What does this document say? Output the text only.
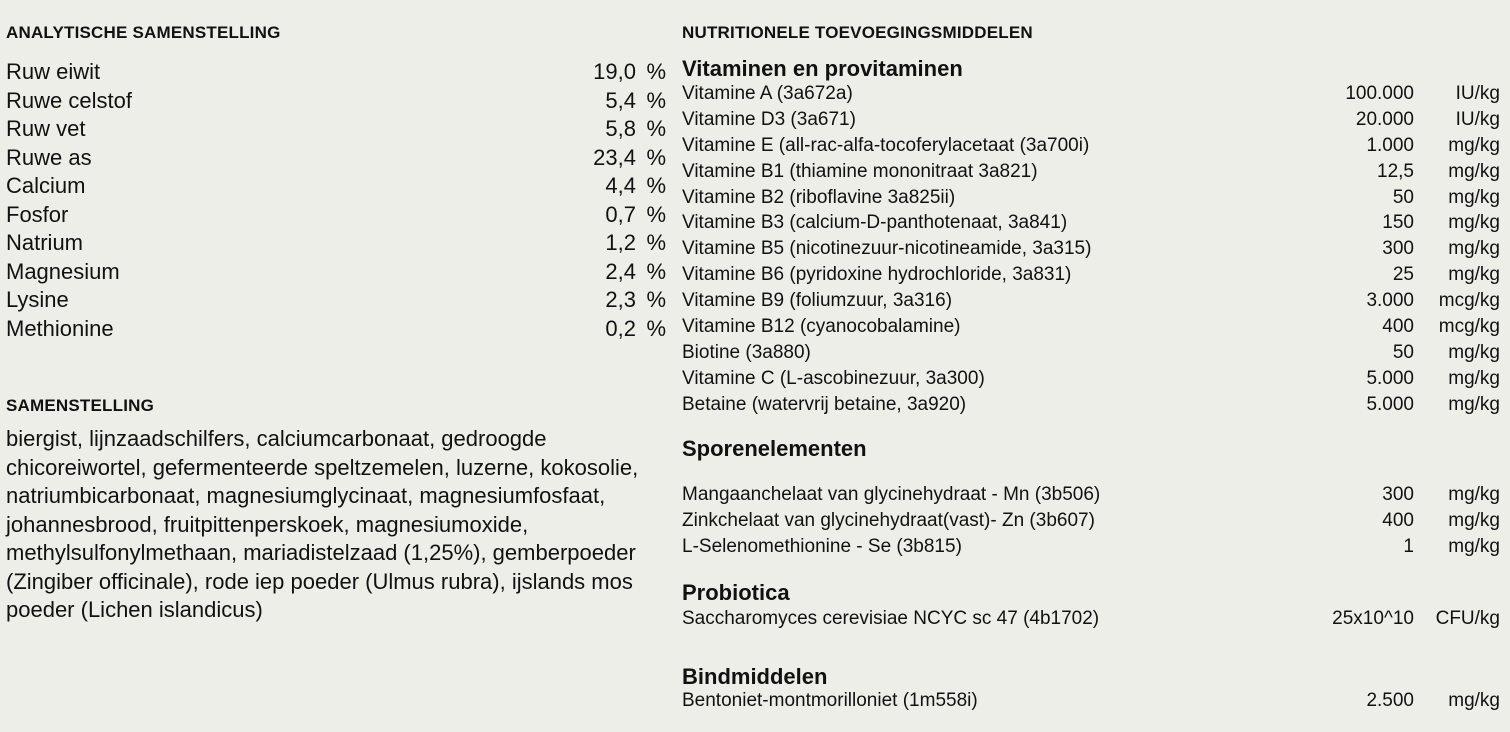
ANALYTISCHE SAMENSTELLING
Ruw eiwit	19,0 %
Ruwe celstof	5,4 %
Ruw vet	5,8 %
Ruwe as	23,4 %
Calcium	4,4 %
Fosfor	0,7 %
Natrium	1,2 %
Magnesium	2,4 %
Lysine	2,3 %
Methionine	0,2 %
SAMENSTELLING
biergist, lijnzaadschilfers, calciumcarbonaat, gedroogde chicoreiwortel, gefermenteerde speltzemelen, luzerne, kokosolie, natriumbicarbonaat, magnesiumglycinaat, magnesiumfosfaat, johannesbrood, fruitpittenperskoek, magnesiumoxide, methylsulfonylmethaan, mariadistelzaad (1,25%), gemberpoeder (Zingiber officinale), rode iep poeder (Ulmus rubra), ijslands mos poeder (Lichen islandicus)
NUTRITIONELE TOEVOEGINGSMIDDELEN
Vitaminen en provitaminen
Vitamine A (3a672a)	100.000	IU/kg
Vitamine D3 (3a671)	20.000	IU/kg
Vitamine E (all-rac-alfa-tocoferylacetaat (3a700i)	1.000	mg/kg
Vitamine B1 (thiamine mononitraat 3a821)	12,5	mg/kg
Vitamine B2 (riboflavine 3a825ii)	50	mg/kg
Vitamine B3 (calcium-D-panthotenaat, 3a841)	150	mg/kg
Vitamine B5 (nicotinezuur-nicotineamide, 3a315)	300	mg/kg
Vitamine B6 (pyridoxine hydrochloride, 3a831)	25	mg/kg
Vitamine B9 (foliumzuur, 3a316)	3.000	mcg/kg
Vitamine B12 (cyanocobalamine)	400	mcg/kg
Biotine (3a880)	50	mg/kg
Vitamine C (L-ascobinezuur, 3a300)	5.000	mg/kg
Betaine (watervrij betaine, 3a920)	5.000	mg/kg
Sporenelementen
Mangaanchelaat van glycinehydraat - Mn (3b506)	300	mg/kg
Zinkchelaat van glycinehydraat(vast)- Zn (3b607)	400	mg/kg
L-Selenomethionine - Se (3b815)	1	mg/kg
Probiotica
Saccharomyces cerevisiae NCYC sc 47 (4b1702)	25x10^10	CFU/kg
Bindmiddelen
Bentoniet-montmorilloniet (1m558i)	2.500	mg/kg
